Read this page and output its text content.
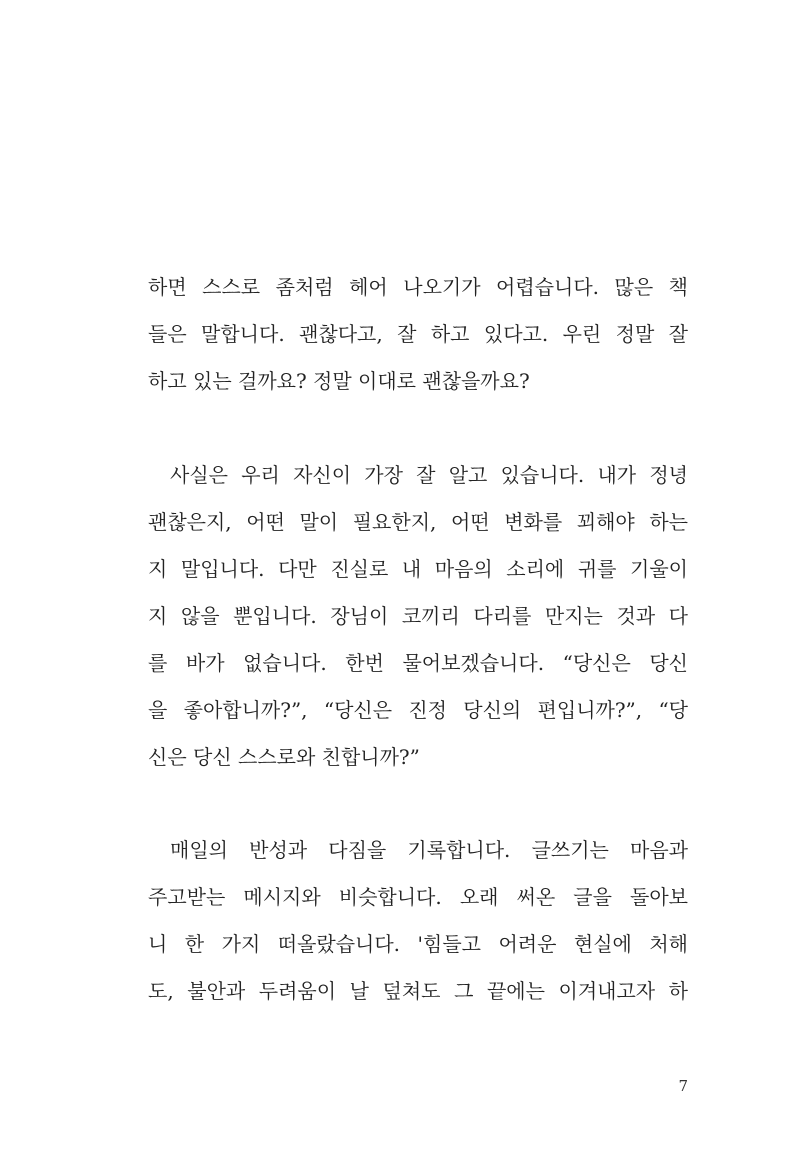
하면 스스로 좀처럼 헤어 나오기가 어렵습니다. 많은 책
들은 말합니다. 괜찮다고, 잘 하고 있다고. 우린 정말 잘
하고 있는 걸까요? 정말 이대로 괜찮을까요?
사실은 우리 자신이 가장 잘 알고 있습니다. 내가 정녕
괜찮은지, 어떤 말이 필요한지, 어떤 변화를 꾀해야 하는
지 말입니다. 다만 진실로 내 마음의 소리에 귀를 기울이
지 않을 뿐입니다. 장님이 코끼리 다리를 만지는 것과 다
를 바가 없습니다. 한번 물어보겠습니다. “당신은 당신
을 좋아합니까?”, “당신은 진정 당신의 편입니까?”, “당
신은 당신 스스로와 친합니까?”
매일의 반성과 다짐을 기록합니다. 글쓰기는 마음과
주고받는 메시지와 비슷합니다. 오래 써온 글을 돌아보
니 한 가지 떠올랐습니다. '힘들고 어려운 현실에 처해
도, 불안과 두려움이 날 덮쳐도 그 끝에는 이겨내고자 하
7
